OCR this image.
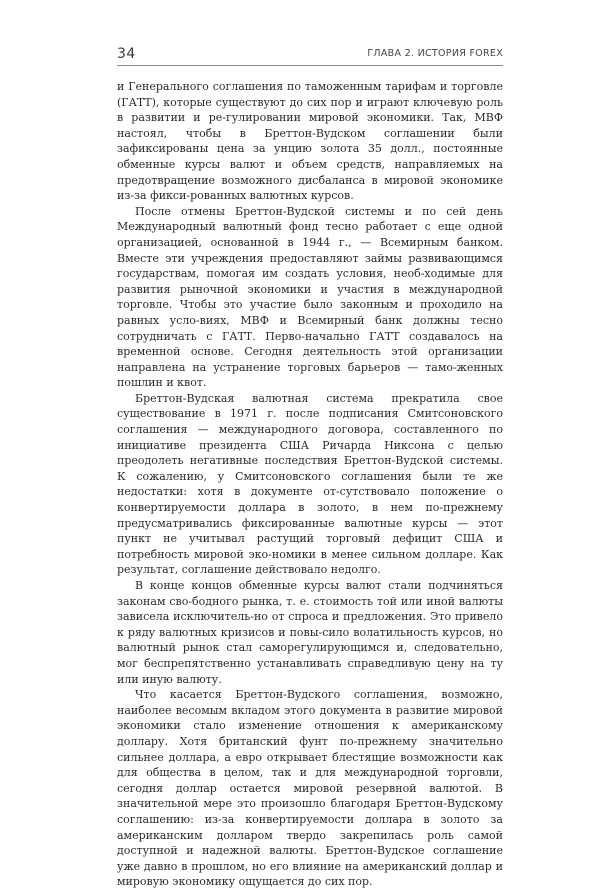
34	ГЛАВА 2. ИСТОРИЯ FOREX

и Генерального соглашения по таможенным тарифам и торговле (ГАТТ), которые существуют до сих пор и играют ключевую роль в развитии и ре-гулировании мировой экономики. Так, МВФ настоял, чтобы в Бреттон-Вудском соглашении были зафиксированы цена за унцию золота 35 долл., постоянные обменные курсы валют и объем средств, направляемых на предотвращение возможного дисбаланса в мировой экономике из-за фикси-рованных валютных курсов.

После отмены Бреттон-Вудской системы и по сей день Международный валютный фонд тесно работает с еще одной организацией, основанной в 1944 г., — Всемирным банком. Вместе эти учреждения предоставляют займы развивающимся государствам, помогая им создать условия, необ-ходимые для развития рыночной экономики и участия в международной торговле. Чтобы это участие было законным и проходило на равных усло-виях, МВФ и Всемирный банк должны тесно сотрудничать с ГАТТ. Перво-начально ГАТТ создавалось на временной основе. Сегодня деятельность этой организации направлена на устранение торговых барьеров — тамо-женных пошлин и квот.

Бреттон-Вудская валютная система прекратила свое существование в 1971 г. после подписания Смитсоновского соглашения — международного договора, составленного по инициативе президента США Ричарда Никсона с целью преодолеть негативные последствия Бреттон-Вудской системы. К сожалению, у Смитсоновского соглашения были те же недостатки: хотя в документе от-сутствовало положение о конвертируемости доллара в золото, в нем по-прежнему предусматривались фиксированные валютные курсы — этот пункт не учитывал растущий торговый дефицит США и потребность мировой эко-номики в менее сильном долларе. Как результат, соглашение действовало недолго.

В конце концов обменные курсы валют стали подчиняться законам сво-бодного рынка, т. е. стоимость той или иной валюты зависела исключитель-но от спроса и предложения. Это привело к ряду валютных кризисов и повы-сило волатильность курсов, но валютный рынок стал саморегулирующимся и, следовательно, мог беспрепятственно устанавливать справедливую цену на ту или иную валюту.

Что касается Бреттон-Вудского соглашения, возможно, наиболее весомым вкладом этого документа в развитие мировой экономики стало изменение отношения к американскому доллару. Хотя британский фунт по-прежнему значительно сильнее доллара, а евро открывает блестящие возможности как для общества в целом, так и для международной торговли, сегодня доллар остается мировой резервной валютой. В значительной мере это произошло благодаря Бреттон-Вудскому соглашению: из-за конвертируемости доллара в золото за американским долларом твердо закрепилась роль самой доступной и надежной валюты. Бреттон-Вудское соглашение уже давно в прошлом, но его влияние на американский доллар и мировую экономику ощущается до сих пор.
